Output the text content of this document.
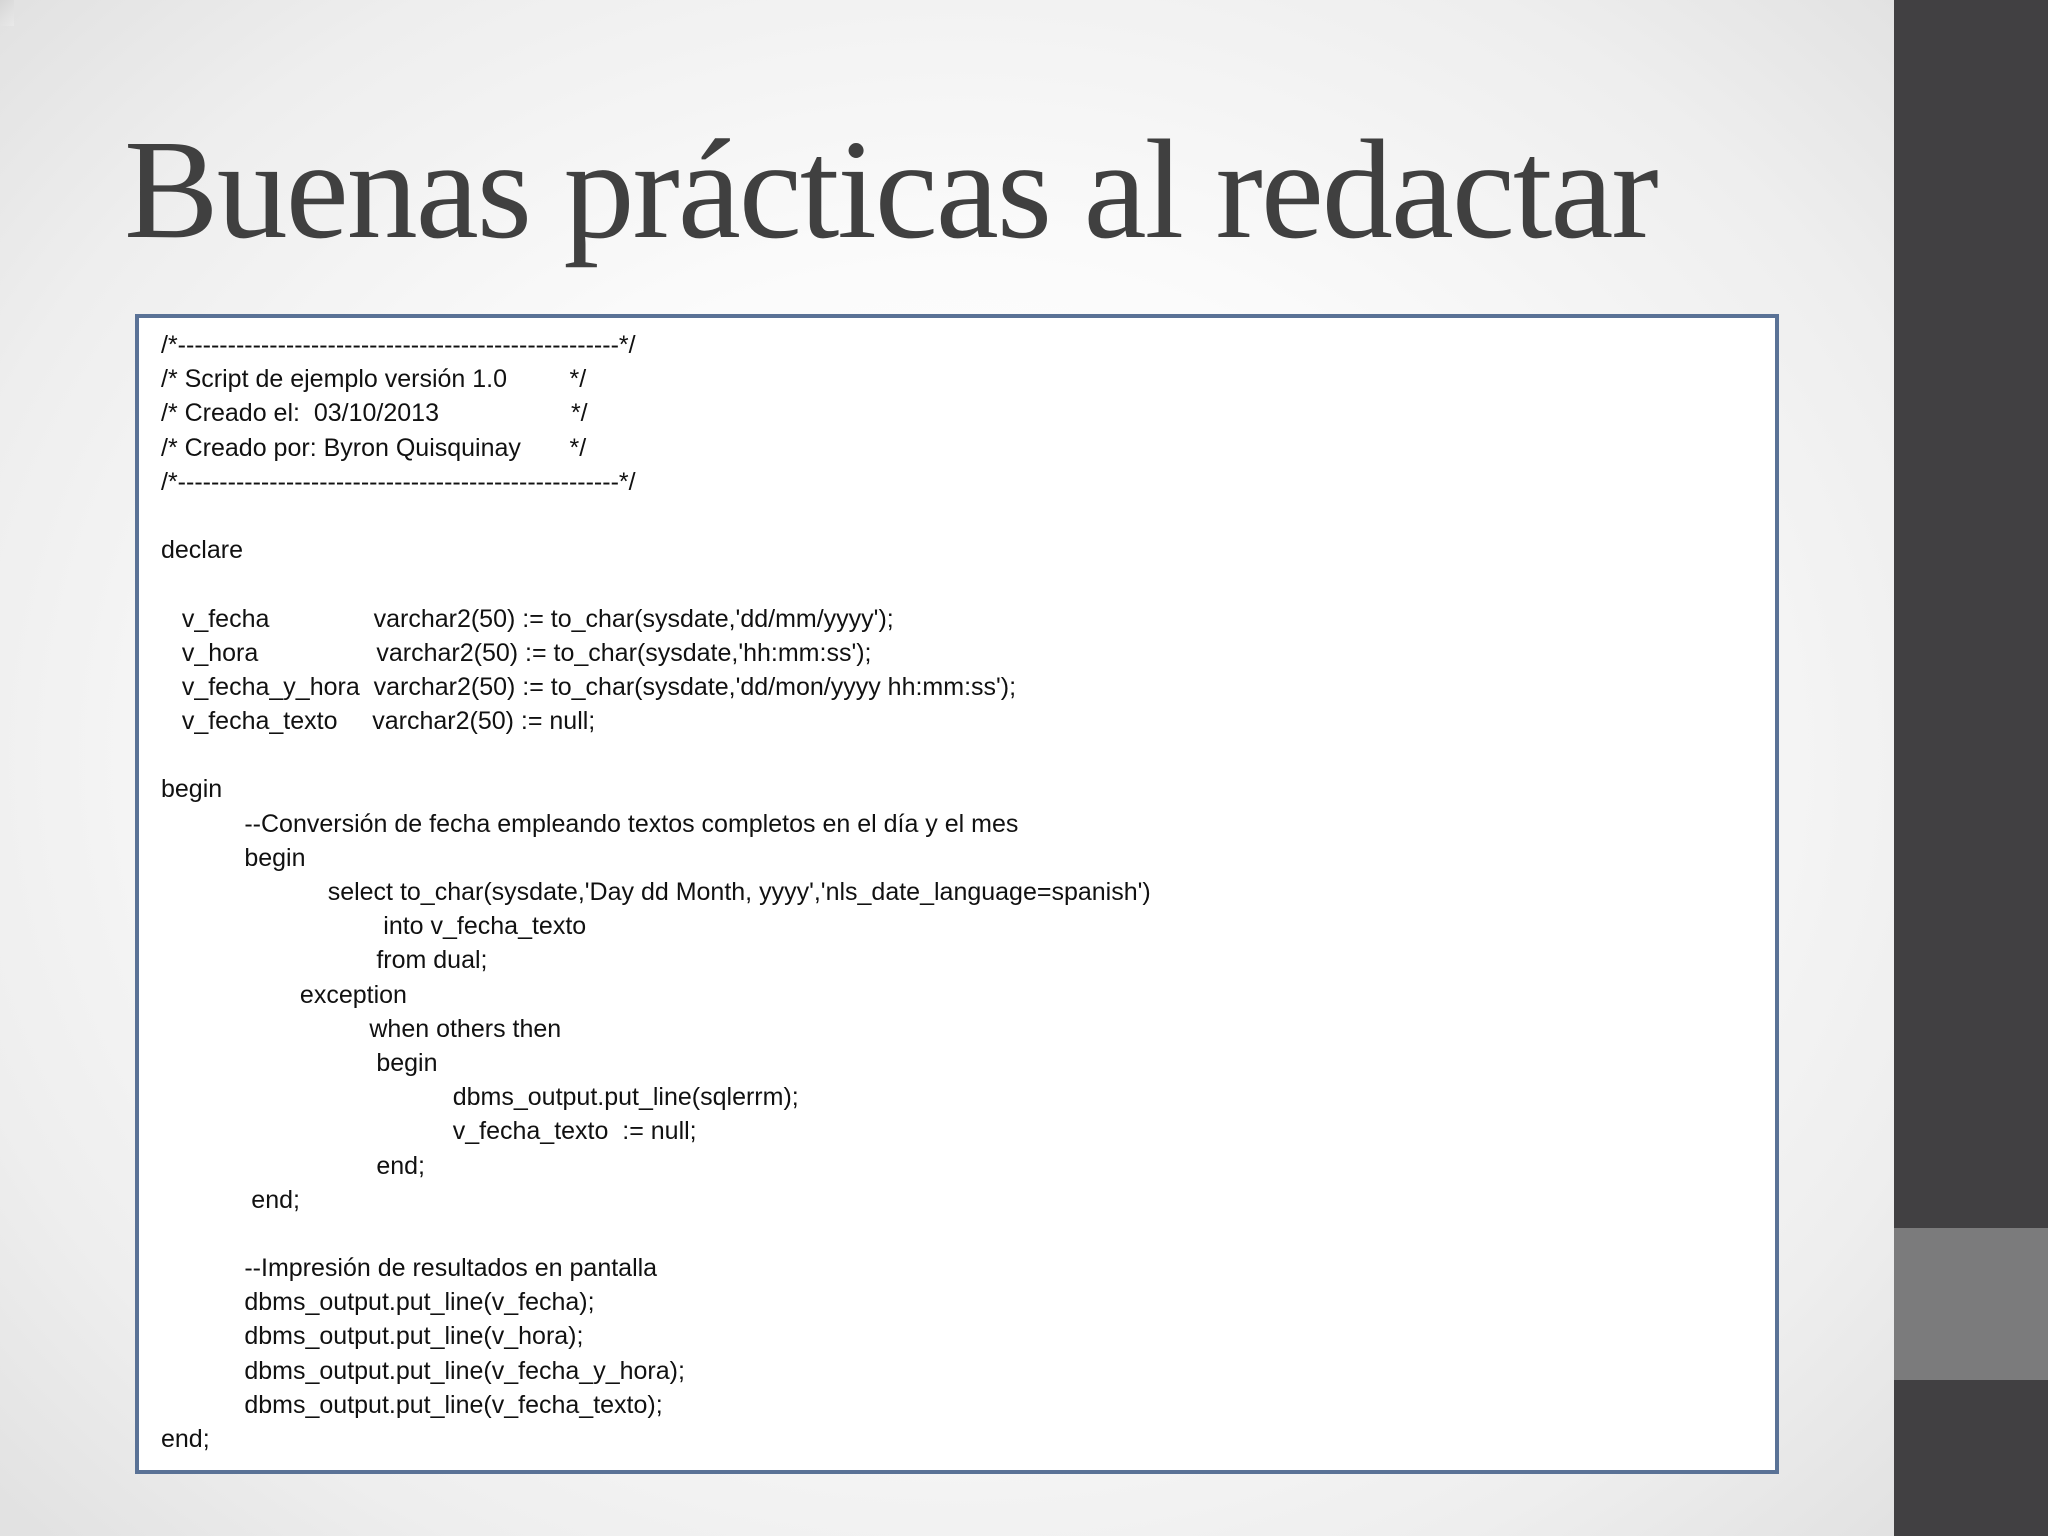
Buenas prácticas al redactar
/*-----------------------------------------------------*/
/* Script de ejemplo versión 1.0         */
/* Creado el:  03/10/2013                   */
/* Creado por: Byron Quisquinay       */
/*-----------------------------------------------------*/
declare
v_fecha               varchar2(50) := to_char(sysdate,'dd/mm/yyyy');
v_hora                 varchar2(50) := to_char(sysdate,'hh:mm:ss');
v_fecha_y_hora  varchar2(50) := to_char(sysdate,'dd/mon/yyyy hh:mm:ss');
v_fecha_texto     varchar2(50) := null;
begin
--Conversión de fecha empleando textos completos en el día y el mes
begin
select to_char(sysdate,'Day dd Month, yyyy','nls_date_language=spanish')
into v_fecha_texto
from dual;
exception
when others then
begin
dbms_output.put_line(sqlerrm);
v_fecha_texto  := null;
end;
end;
--Impresión de resultados en pantalla
dbms_output.put_line(v_fecha);
dbms_output.put_line(v_hora);
dbms_output.put_line(v_fecha_y_hora);
dbms_output.put_line(v_fecha_texto);
end;
